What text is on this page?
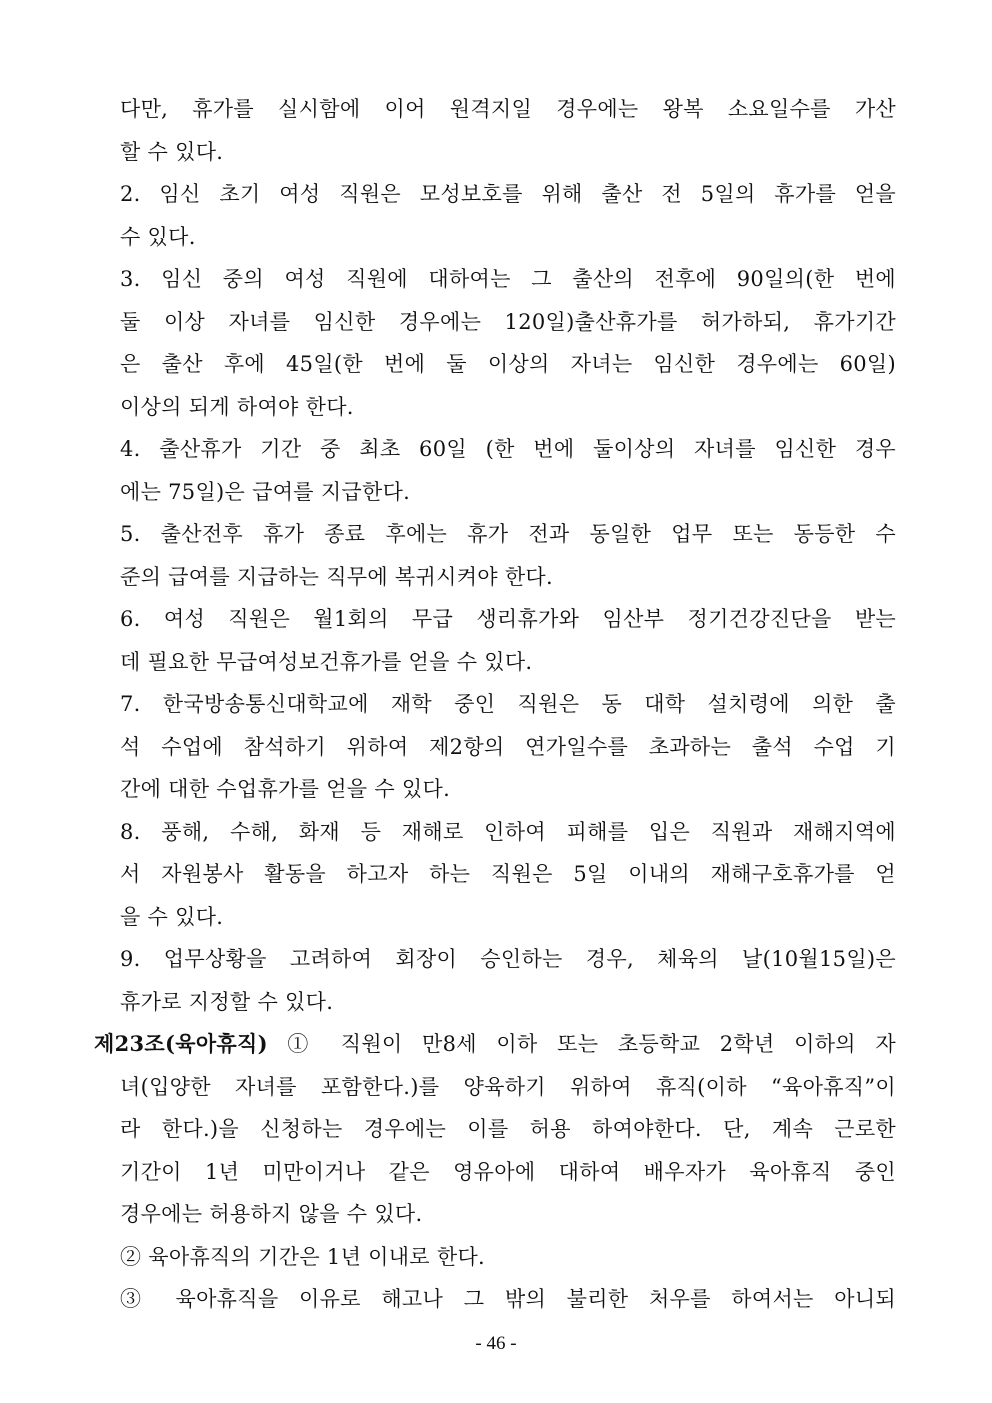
다만, 휴가를 실시함에 이어 원격지일 경우에는 왕복 소요일수를 가산
할 수 있다.
2. 임신 초기 여성 직원은 모성보호를 위해 출산 전 5일의 휴가를 얻을
수 있다.
3. 임신 중의 여성 직원에 대하여는 그 출산의 전후에 90일의(한 번에
둘 이상 자녀를 임신한 경우에는 120일)출산휴가를 허가하되, 휴가기간
은 출산 후에 45일(한 번에 둘 이상의 자녀는 임신한 경우에는 60일)
이상의 되게 하여야 한다.
4. 출산휴가 기간 중 최초 60일 (한 번에 둘이상의 자녀를 임신한 경우
에는 75일)은 급여를 지급한다.
5. 출산전후 휴가 종료 후에는 휴가 전과 동일한 업무 또는 동등한 수
준의 급여를 지급하는 직무에 복귀시켜야 한다.
6. 여성 직원은 월1회의 무급 생리휴가와 임산부 정기건강진단을 받는
데 필요한 무급여성보건휴가를 얻을 수 있다.
7. 한국방송통신대학교에 재학 중인 직원은 동 대학 설치령에 의한 출
석 수업에 참석하기 위하여 제2항의 연가일수를 초과하는 출석 수업 기
간에 대한 수업휴가를 얻을 수 있다.
8. 풍해, 수해, 화재 등 재해로 인하여 피해를 입은 직원과 재해지역에
서 자원봉사 활동을 하고자 하는 직원은 5일 이내의 재해구호휴가를 얻
을 수 있다.
9. 업무상황을 고려하여 회장이 승인하는 경우, 체육의 날(10월15일)은
휴가로 지정할 수 있다.
제23조(육아휴직) ① 직원이 만8세 이하 또는 초등학교 2학년 이하의 자
녀(입양한 자녀를 포함한다.)를 양육하기 위하여 휴직(이하 “육아휴직”이
라 한다.)을 신청하는 경우에는 이를 허용 하여야한다. 단, 계속 근로한
기간이 1년 미만이거나 같은 영유아에 대하여 배우자가 육아휴직 중인
경우에는 허용하지 않을 수 있다.
② 육아휴직의 기간은 1년 이내로 한다.
③ 육아휴직을 이유로 해고나 그 밖의 불리한 처우를 하여서는 아니되
- 46 -
